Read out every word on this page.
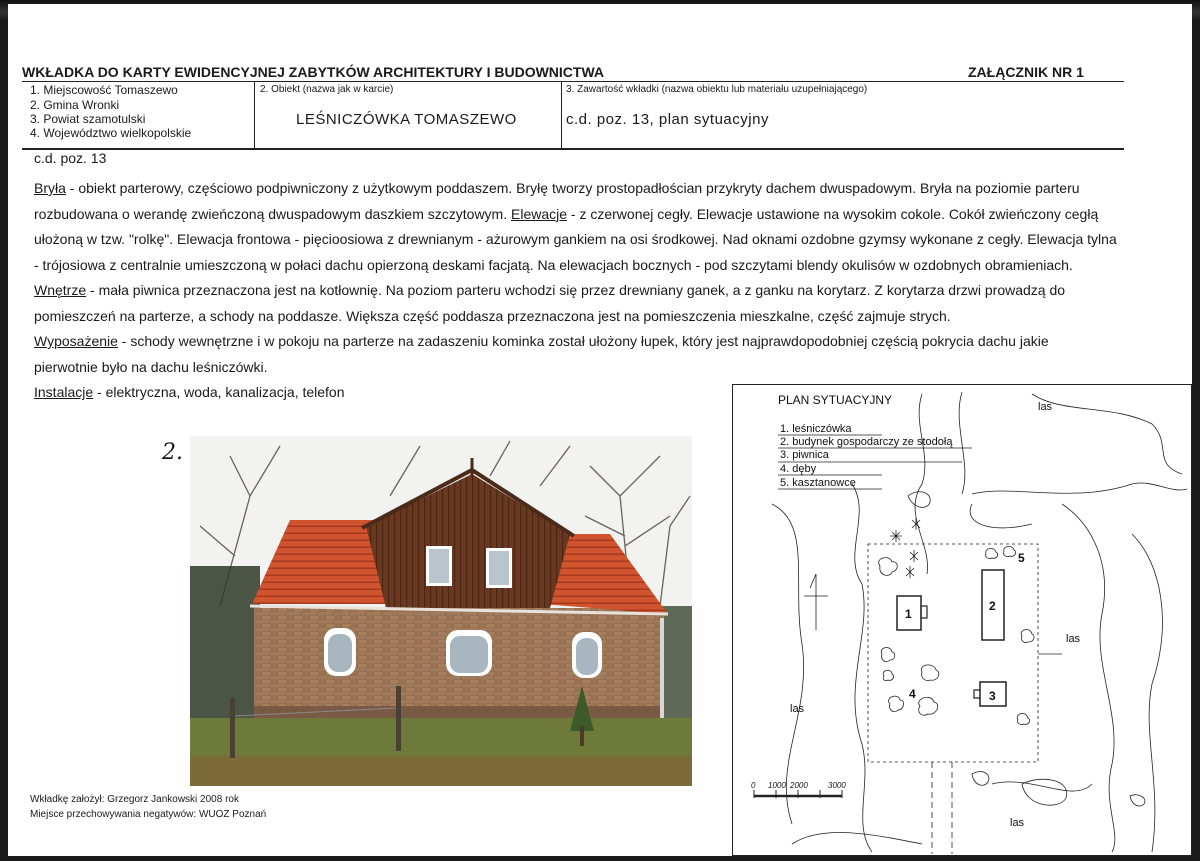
WKŁADKA DO KARTY EWIDENCYJNEJ ZABYTKÓW ARCHITEKTURY I BUDOWNICTWA	ZAŁĄCZNIK NR 1
1. Miejscowość Tomaszewo
2. Gmina Wronki
3. Powiat szamotulski
4. Województwo wielkopolskie
2. Obiekt (nazwa jak w karcie)
LEŚNICZÓWKA TOMASZEWO
3. Zawartość wkładki (nazwa obiektu lub materiału uzupełniającego)
c.d. poz. 13, plan sytuacyjny
c.d. poz. 13

Bryła - obiekt parterowy, częściowo podpiwniczony z użytkowym poddaszem. Bryłę tworzy prostopadłościan przykryty dachem dwuspadowym. Bryła na poziomie parteru rozbudowana o werandę zwieńczoną dwuspadowym daszkiem szczytowym. Elewacje - z czerwonej cegły. Elewacje ustawione na wysokim cokole. Cokół zwieńczony cegłą ułożoną w tzw. "rolkę". Elewacja frontowa - pięcioosiowa z drewnianym - ażurowym gankiem na osi środkowej. Nad oknami ozdobne gzymsy wykonane z cegły. Elewacja tylna - trójosiowa z centralnie umieszczoną w połaci dachu opierzoną deskami facjatą. Na elewacjach bocznych - pod szczytami blendy okulisów w ozdobnych obramieniach. Wnętrze - mała piwnica przeznaczona jest na kotłownię. Na poziom parteru wchodzi się przez drewniany ganek, a z ganku na korytarz. Z korytarza drzwi prowadzą do pomieszczeń na parterze, a schody na poddasze. Większa część poddasza przeznaczona jest na pomieszczenia mieszkalne, część zajmuje strych.

Wyposażenie - schody wewnętrzne i w pokoju na parterze na zadaszeniu kominka został ułożony łupek, który jest najprawdopodobniej częścią pokrycia dachu jakie pierwotnie było na dachu leśniczówki.

Instalacje - elektryczna, woda, kanalizacja, telefon

2.
Wkładkę założył: Grzegorz Jankowski 2008 rok
Miejsce przechowywania negatywów: WUOZ Poznań
PLAN SYTUACYJNY
1. leśniczówka
2. budynek gospodarczy ze stodołą
3. piwnica
4. dęby
5. kasztanowce
1
2
3
4
5
las
las
las
las
0 1000 2000	3000
